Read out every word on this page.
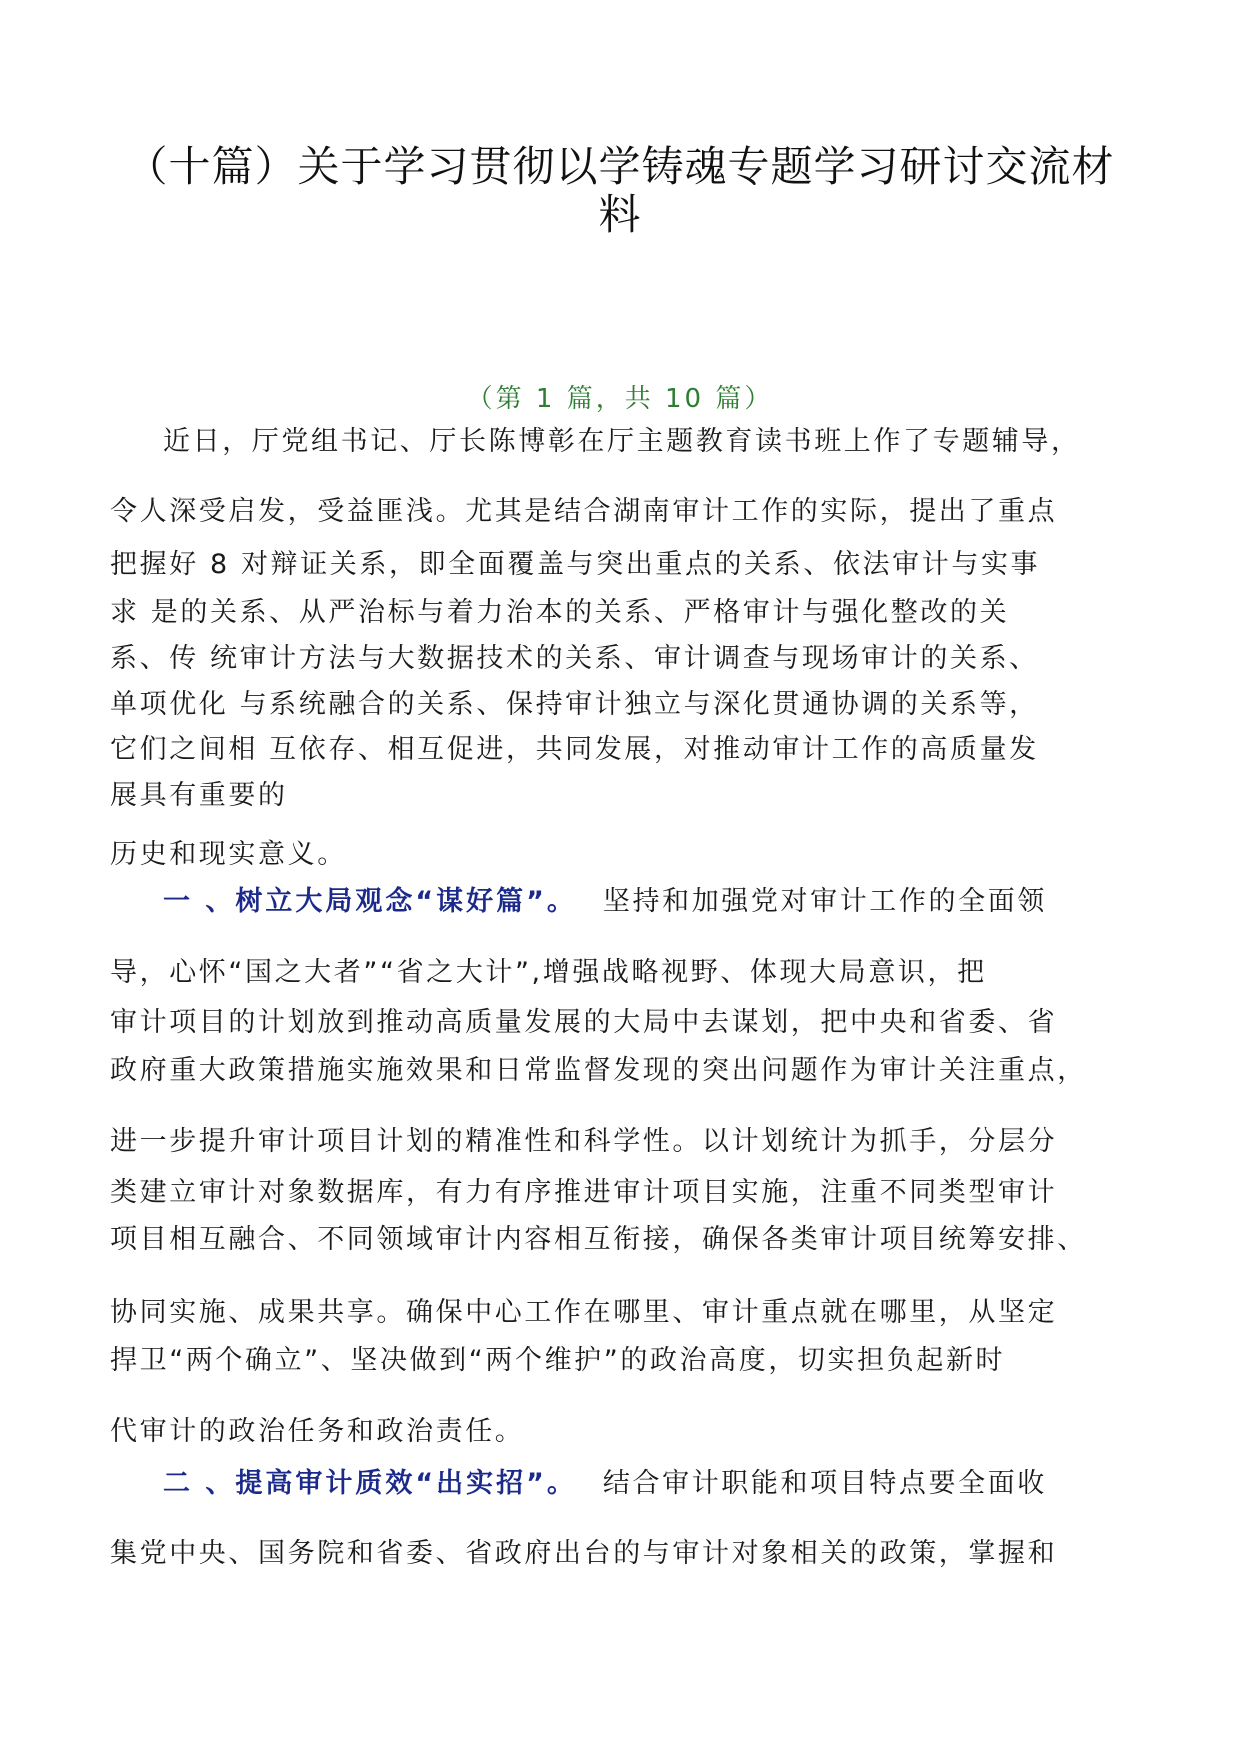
（十篇）关于学习贯彻以学铸魂专题学习研讨交流材
料
（第 1 篇，共 10 篇）
近日，厅党组书记、厅长陈博彰在厅主题教育读书班上作了专题辅导，
令人深受启发，受益匪浅。尤其是结合湖南审计工作的实际，提出了重点
把握好 8 对辩证关系，即全面覆盖与突出重点的关系、依法审计与实事
求 是的关系、从严治标与着力治本的关系、严格审计与强化整改的关
系、传 统审计方法与大数据技术的关系、审计调查与现场审计的关系、
单项优化 与系统融合的关系、保持审计独立与深化贯通协调的关系等，
它们之间相 互依存、相互促进，共同发展，对推动审计工作的高质量发
展具有重要的
历史和现实意义。
一 、树立大局观念“谋好篇”。 坚持和加强党对审计工作的全面领
导，心怀“国之大者”“省之大计”,增强战略视野、体现大局意识，把
审计项目的计划放到推动高质量发展的大局中去谋划，把中央和省委、省
政府重大政策措施实施效果和日常监督发现的突出问题作为审计关注重点，
进一步提升审计项目计划的精准性和科学性。以计划统计为抓手，分层分
类建立审计对象数据库，有力有序推进审计项目实施，注重不同类型审计
项目相互融合、不同领域审计内容相互衔接，确保各类审计项目统筹安排、
协同实施、成果共享。确保中心工作在哪里、审计重点就在哪里，从坚定
捍卫“两个确立”、坚决做到“两个维护”的政治高度，切实担负起新时
代审计的政治任务和政治责任。
二 、提高审计质效“出实招”。 结合审计职能和项目特点要全面收
集党中央、国务院和省委、省政府出台的与审计对象相关的政策，掌握和
